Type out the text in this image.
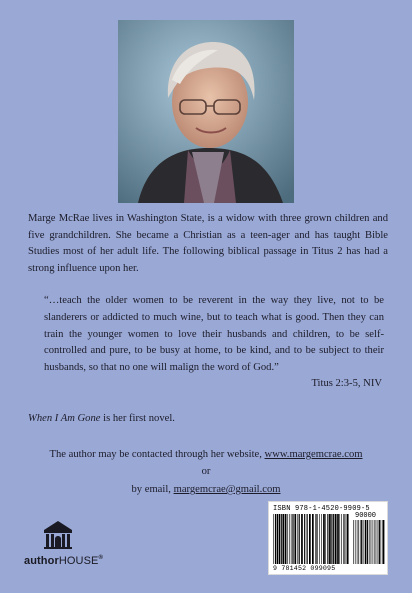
Marge McRae lives in Washington State, is a widow with three grown children and five grandchildren. She became a Christian as a teen-ager and has taught Bible Studies most of her adult life. The following biblical passage in Titus 2 has had a strong influence upon her.
“…teach the older women to be reverent in the way they live, not to be slanderers or addicted to much wine, but to teach what is good. Then they can train the younger women to love their husbands and children, to be self-controlled and pure, to be busy at home, to be kind, and to be subject to their husbands, so that no one will malign the word of God.”
Titus 2:3-5, NIV
When I Am Gone is her first novel.
The author may be contacted through her website, www.margemcrae.com
or
by email, margemcrae@gmail.com
authorHOUSE®
ISBN 978-1-4520-9909-5
90000
9 781452 099095
